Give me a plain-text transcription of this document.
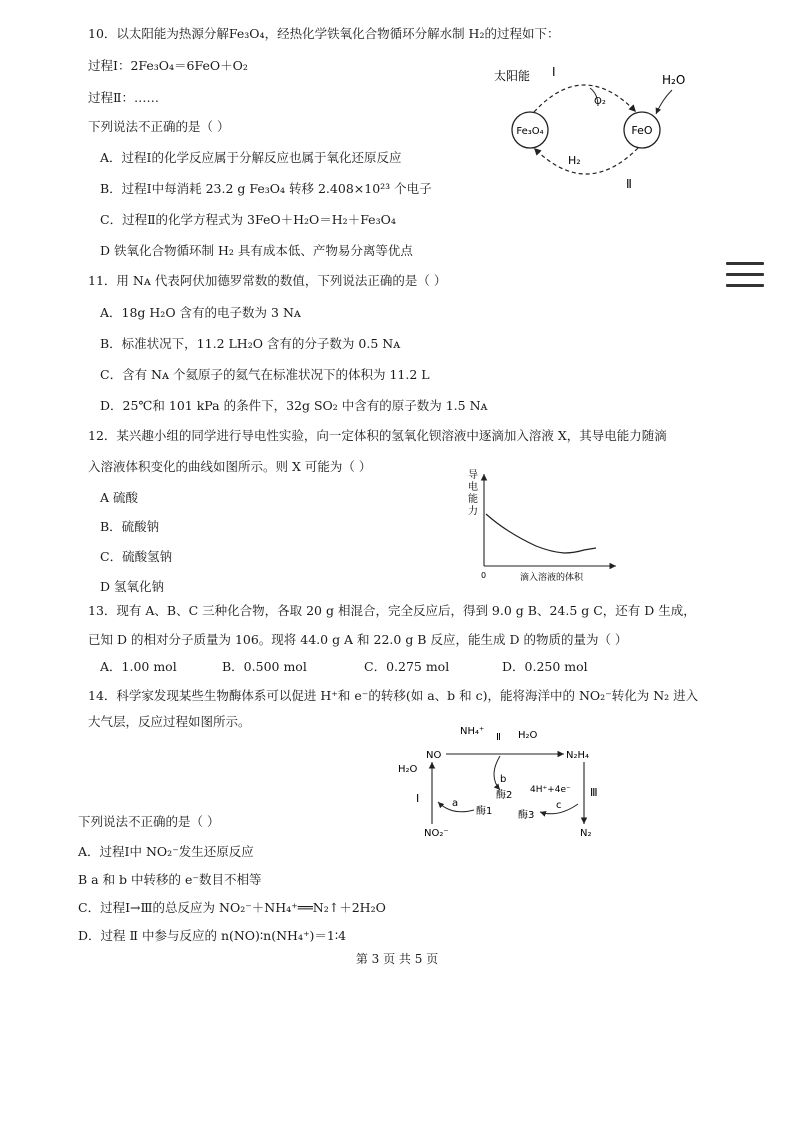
10．以太阳能为热源分解Fe₃O₄，经热化学铁氧化合物循环分解水制 H₂的过程如下：
过程Ⅰ：2Fe₃O₄＝6FeO＋O₂
过程Ⅱ：……
下列说法不正确的是（ ）
A．过程Ⅰ的化学反应属于分解反应也属于氧化还原反应
B．过程Ⅰ中每消耗 23.2 g Fe₃O₄ 转移 2.408×10²³ 个电子
C．过程Ⅱ的化学方程式为 3FeO＋H₂O＝H₂＋Fe₃O₄
D 铁氧化合物循环制 H₂ 具有成本低、产物易分离等优点
太阳能 I
H₂O
Fe₃O₄	FeO
O₂
H₂
Ⅱ
11．用 Nᴀ 代表阿伏加德罗常数的数值，下列说法正确的是（ ）
A．18g H₂O 含有的电子数为 3 Nᴀ
B．标准状况下，11.2 LH₂O 含有的分子数为 0.5 Nᴀ
C．含有 Nᴀ 个氦原子的氦气在标准状况下的体积为 11.2 L
D．25℃和 101 kPa 的条件下，32g SO₂ 中含有的原子数为 1.5 Nᴀ
12．某兴趣小组的同学进行导电性实验，向一定体积的氢氧化钡溶液中逐滴加入溶液 X，其导电能力随滴
入溶液体积变化的曲线如图所示。则 X 可能为（ ）
A 硫酸
B．硫酸钠
C．硫酸氢钠
D 氢氧化钠
导
电
能
力
0	滴入溶液的体积
13．现有 A、B、C 三种化合物，各取 20 g 相混合，完全反应后，得到 9.0 g B、24.5 g C，还有 D 生成，
已知 D 的相对分子质量为 106。现将 44.0 g A 和 22.0 g B 反应，能生成 D 的物质的量为（ ）
A．1.00 mol	B．0.500 mol	C．0.275 mol	D．0.250 mol
14．科学家发现某些生物酶体系可以促进 H⁺和 e⁻的转移(如 a、b 和 c)，能将海洋中的 NO₂⁻转化为 N₂ 进入
大气层，反应过程如图所示。
NH₄⁺
Ⅱ H₂O
NO	N₂H₄
b
酶2
H₂O
Ⅰ	a
酶1
4H⁺+4e⁻ Ⅲ
c
酶3
NO₂⁻	N₂
下列说法不正确的是（ ）
A．过程Ⅰ中 NO₂⁻发生还原反应
B a 和 b 中转移的 e⁻数目不相等
C．过程Ⅰ→Ⅲ的总反应为 NO₂⁻＋NH₄⁺══N₂↑＋2H₂O
D．过程 Ⅱ 中参与反应的 n(NO)∶n(NH₄⁺)＝1∶4
第 3 页 共 5 页
